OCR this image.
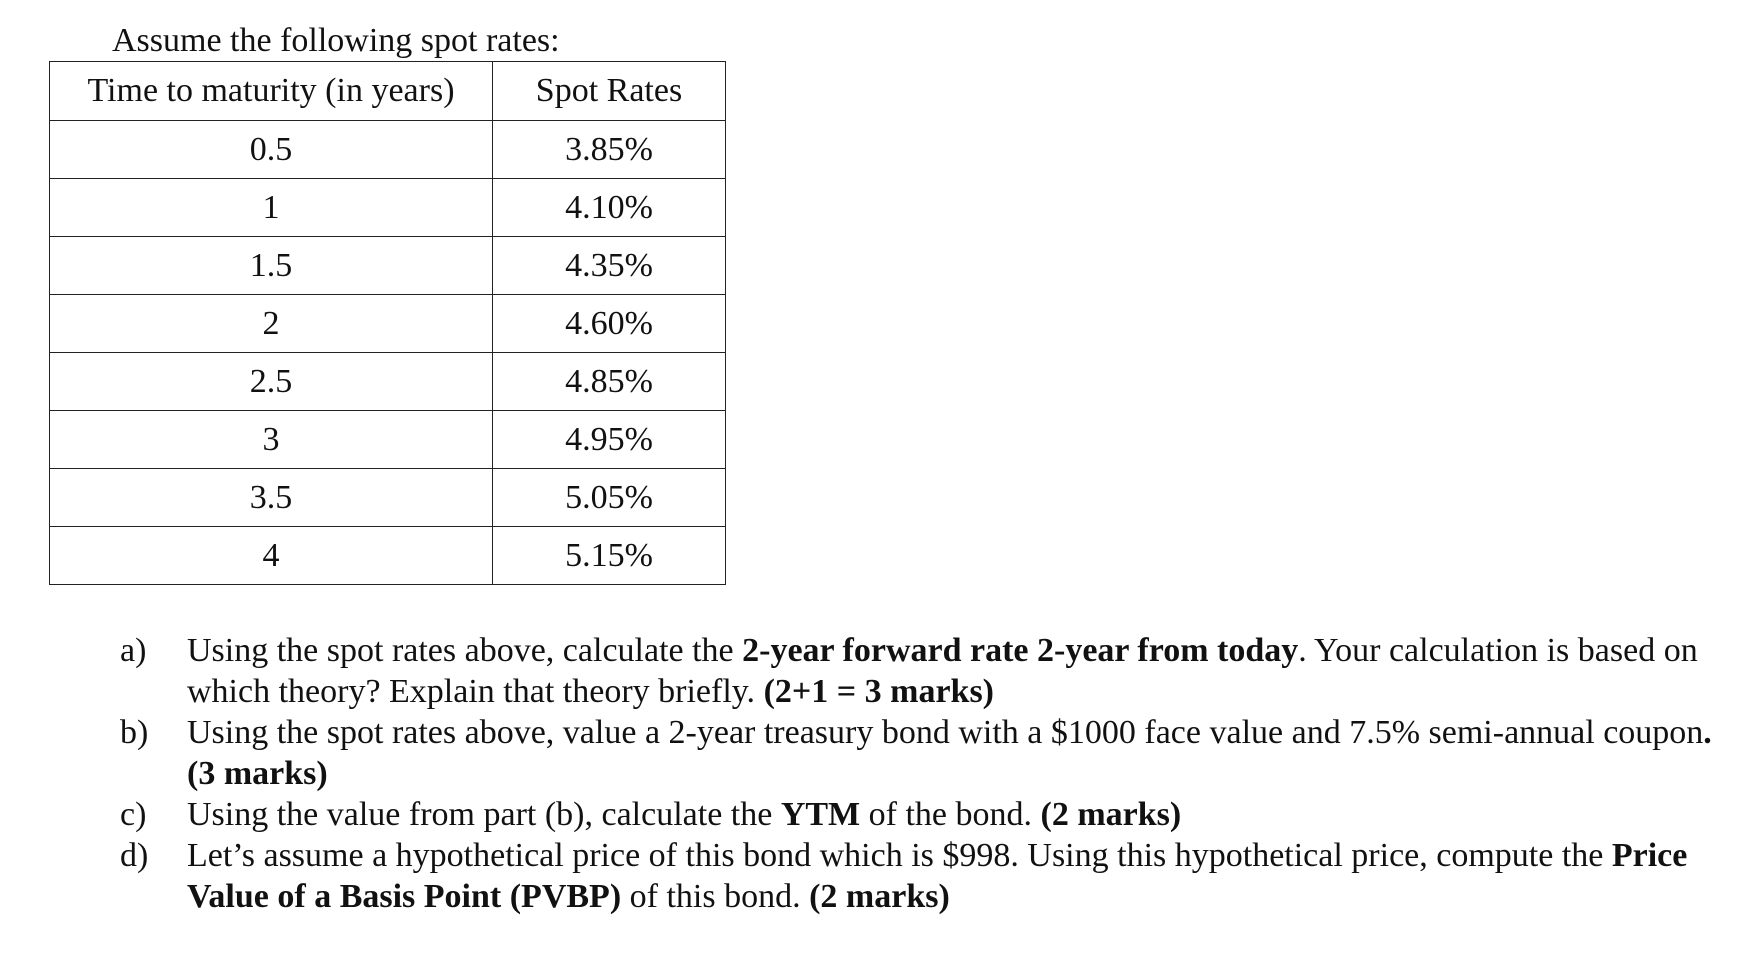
Assume the following spot rates:
Time to maturity (in years)	Spot Rates
0.5	3.85%
1	4.10%
1.5	4.35%
2	4.60%
2.5	4.85%
3	4.95%
3.5	5.05%
4	5.15%
a) Using the spot rates above, calculate the 2-year forward rate 2-year from today. Your calculation is based on which theory? Explain that theory briefly. (2+1 = 3 marks)
b) Using the spot rates above, value a 2-year treasury bond with a $1000 face value and 7.5% semi-annual coupon. (3 marks)
c) Using the value from part (b), calculate the YTM of the bond. (2 marks)
d) Let’s assume a hypothetical price of this bond which is $998. Using this hypothetical price, compute the Price Value of a Basis Point (PVBP) of this bond. (2 marks)
